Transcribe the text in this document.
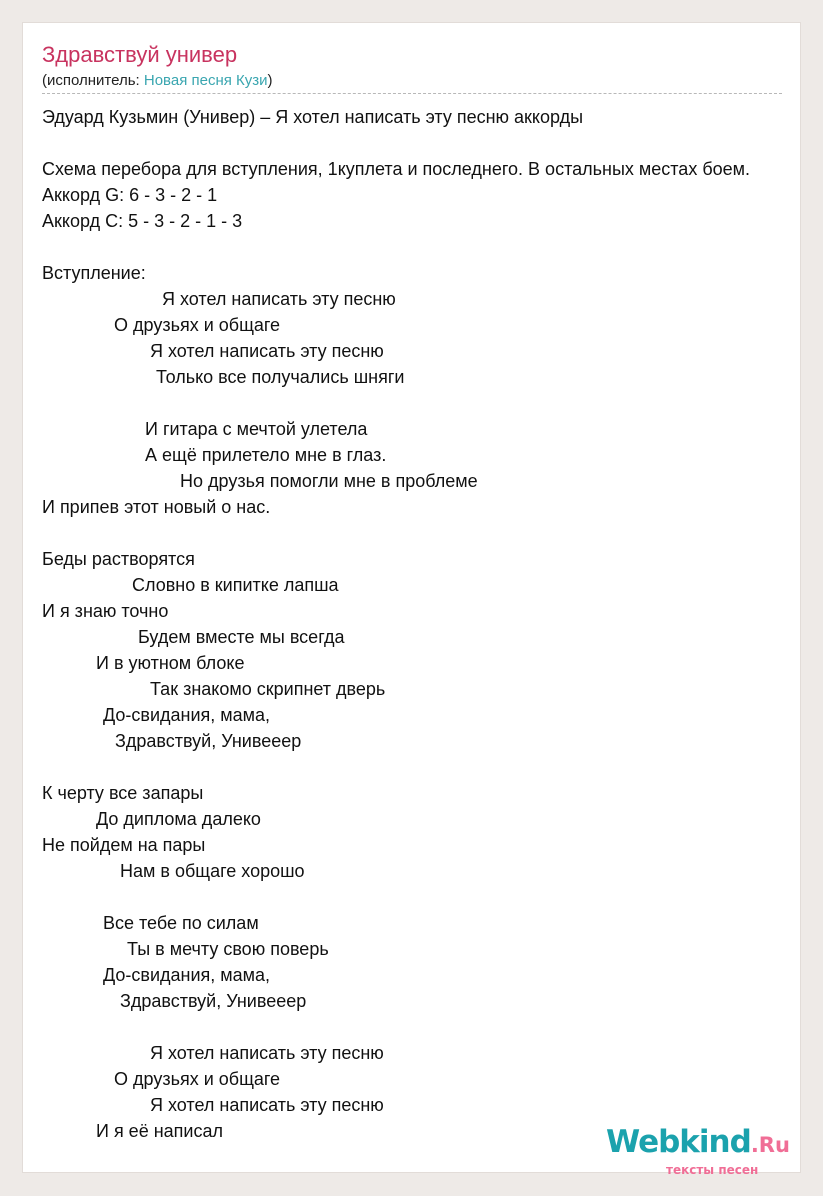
Здравствуй универ
(исполнитель: Новая песня Кузи)
Эдуард Кузьмин (Универ) – Я хотел написать эту песню аккорды
Схема перебора для вступления, 1куплета и последнего. В остальных местах боем.
Аккорд G: 6 - 3 - 2 - 1
Аккорд C: 5 - 3 - 2 - 1 - 3
Вступление:
Я хотел написать эту песню
О друзьях и общаге
Я хотел написать эту песню
Только все получались шняги
И гитара с мечтой улетела
А ещё прилетело мне в глаз.
Но друзья помогли мне в проблеме
И припев этот новый о нас.
Беды растворятся
Словно в кипитке лапша
И я знаю точно
Будем вместе мы всегда
И в уютном блоке
Так знакомо скрипнет дверь
До-свидания, мама,
Здравствуй, Унивееер
К черту все запары
До диплома далеко
Не пойдем на пары
Нам в общаге хорошо
Все тебе по силам
Ты в мечту свою поверь
До-свидания, мама,
Здравствуй, Унивееер
Я хотел написать эту песню
О друзьях и общаге
Я хотел написать эту песню
И я её написал	Webkind.Ru
тексты песен
